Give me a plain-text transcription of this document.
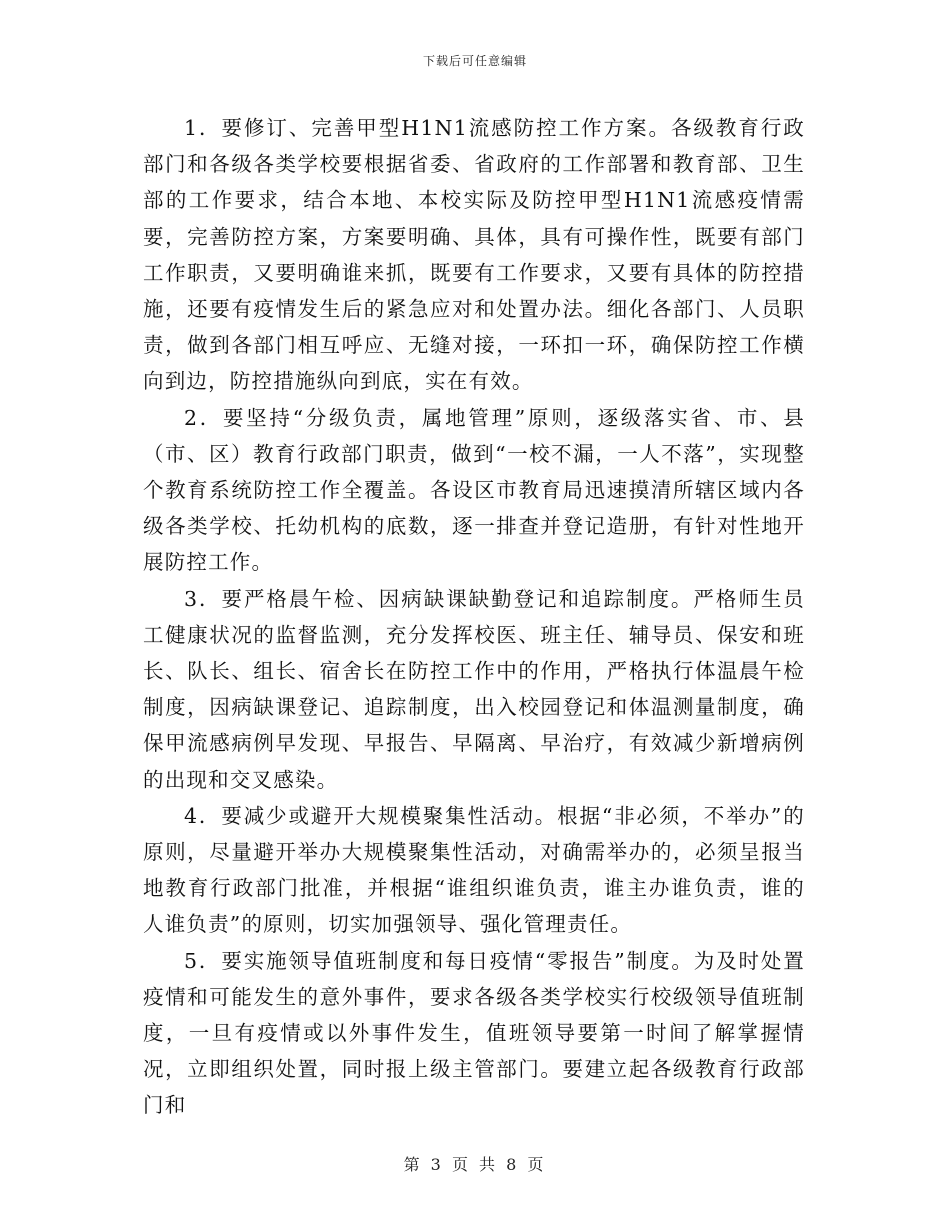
下载后可任意编辑

1．要修订、完善甲型H1N1流感防控工作方案。各级教育行政部门和各级各类学校要根据省委、省政府的工作部署和教育部、卫生部的工作要求，结合本地、本校实际及防控甲型H1N1流感疫情需要，完善防控方案，方案要明确、具体，具有可操作性，既要有部门工作职责，又要明确谁来抓，既要有工作要求，又要有具体的防控措施，还要有疫情发生后的紧急应对和处置办法。细化各部门、人员职责，做到各部门相互呼应、无缝对接，一环扣一环，确保防控工作横向到边，防控措施纵向到底，实在有效。

2．要坚持“分级负责，属地管理”原则，逐级落实省、市、县（市、区）教育行政部门职责，做到“一校不漏，一人不落”，实现整个教育系统防控工作全覆盖。各设区市教育局迅速摸清所辖区域内各级各类学校、托幼机构的底数，逐一排查并登记造册，有针对性地开展防控工作。

3．要严格晨午检、因病缺课缺勤登记和追踪制度。严格师生员工健康状况的监督监测，充分发挥校医、班主任、辅导员、保安和班长、队长、组长、宿舍长在防控工作中的作用，严格执行体温晨午检制度，因病缺课登记、追踪制度，出入校园登记和体温测量制度，确保甲流感病例早发现、早报告、早隔离、早治疗，有效减少新增病例的出现和交叉感染。

4．要减少或避开大规模聚集性活动。根据“非必须，不举办”的原则，尽量避开举办大规模聚集性活动，对确需举办的，必须呈报当地教育行政部门批准，并根据“谁组织谁负责，谁主办谁负责，谁的人谁负责”的原则，切实加强领导、强化管理责任。

5．要实施领导值班制度和每日疫情“零报告”制度。为及时处置疫情和可能发生的意外事件，要求各级各类学校实行校级领导值班制度，一旦有疫情或以外事件发生，值班领导要第一时间了解掌握情况，立即组织处置，同时报上级主管部门。要建立起各级教育行政部门和

第 3 页 共 8 页
